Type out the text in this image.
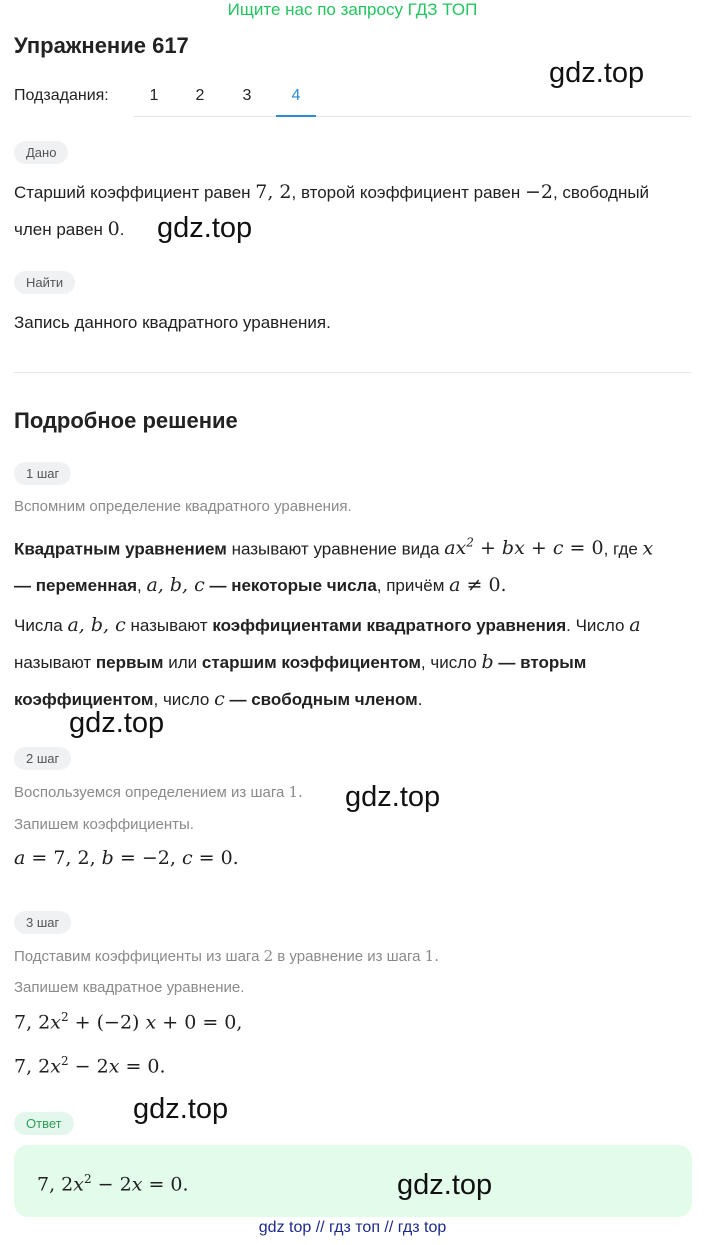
Ищите нас по запросу ГДЗ ТОП
Упражнение 617
Подзадания:	1	2	3	4
gdz.top
Дано
Старший коэффициент равен 7, 2, второй коэффициент равен −2, свободный
член равен 0.	gdz.top
Найти
Запись данного квадратного уравнения.
Подробное решение
1 шаг
Вспомним определение квадратного уравнения.
Квадратным уравнением называют уравнение вида $ax^2$ + bx + c = 0, где x
— переменная, a, b, c — некоторые числа, причём a ≠ 0.
Числа a, b, c называют коэффициентами квадратного уравнения. Число a
называют первым или старшим коэффициентом, число b — вторым
коэффициентом, число c — свободным членом.
gdz.top
2 шаг
Воспользуемся определением из шага 1. gdz.top
Запишем коэффициенты.
a = 7, 2, b = −2, c = 0.
3 шаг
Подставим коэффициенты из шага 2 в уравнение из шага 1.
Запишем квадратное уравнение.
7, $2x^2 + (-2) x + 0 = 0$,
7, $2x^2 - 2x = 0$.
gdz.top
Ответ
7, $2x^2 - 2x = 0$.	gdz.top
gdz top // гдз топ // гдз top
